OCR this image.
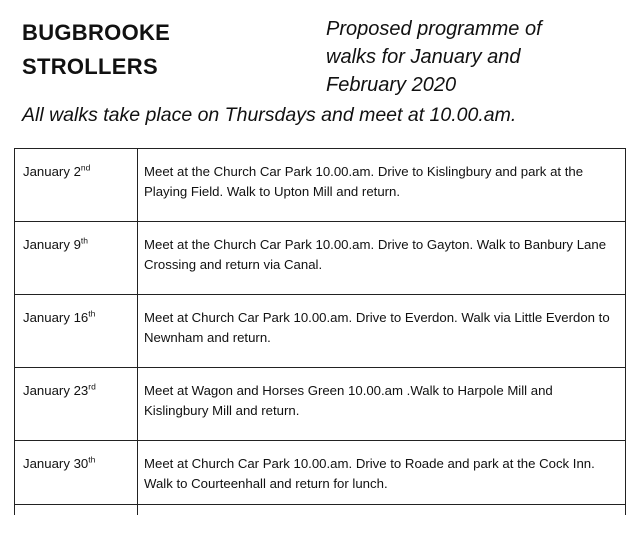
BUGBROOKE
STROLLERS
Proposed programme of
walks for January and
February 2020
All walks take place on Thursdays and meet at 10.00.am.
January 2nd	Meet at the Church Car Park 10.00.am. Drive to Kislingbury and park at the Playing Field. Walk to Upton Mill and return.
January 9th	Meet at the Church Car Park 10.00.am. Drive to Gayton. Walk to Banbury Lane Crossing and return via Canal.
January 16th	Meet at Church Car Park 10.00.am. Drive to Everdon. Walk via Little Everdon to Newnham and return.
January 23rd	Meet at Wagon and Horses Green 10.00.am .Walk to Harpole Mill and Kislingbury Mill and return.
January 30th	Meet at Church Car Park 10.00.am. Drive to Roade and park at the Cock Inn. Walk to Courteenhall and return for lunch.
